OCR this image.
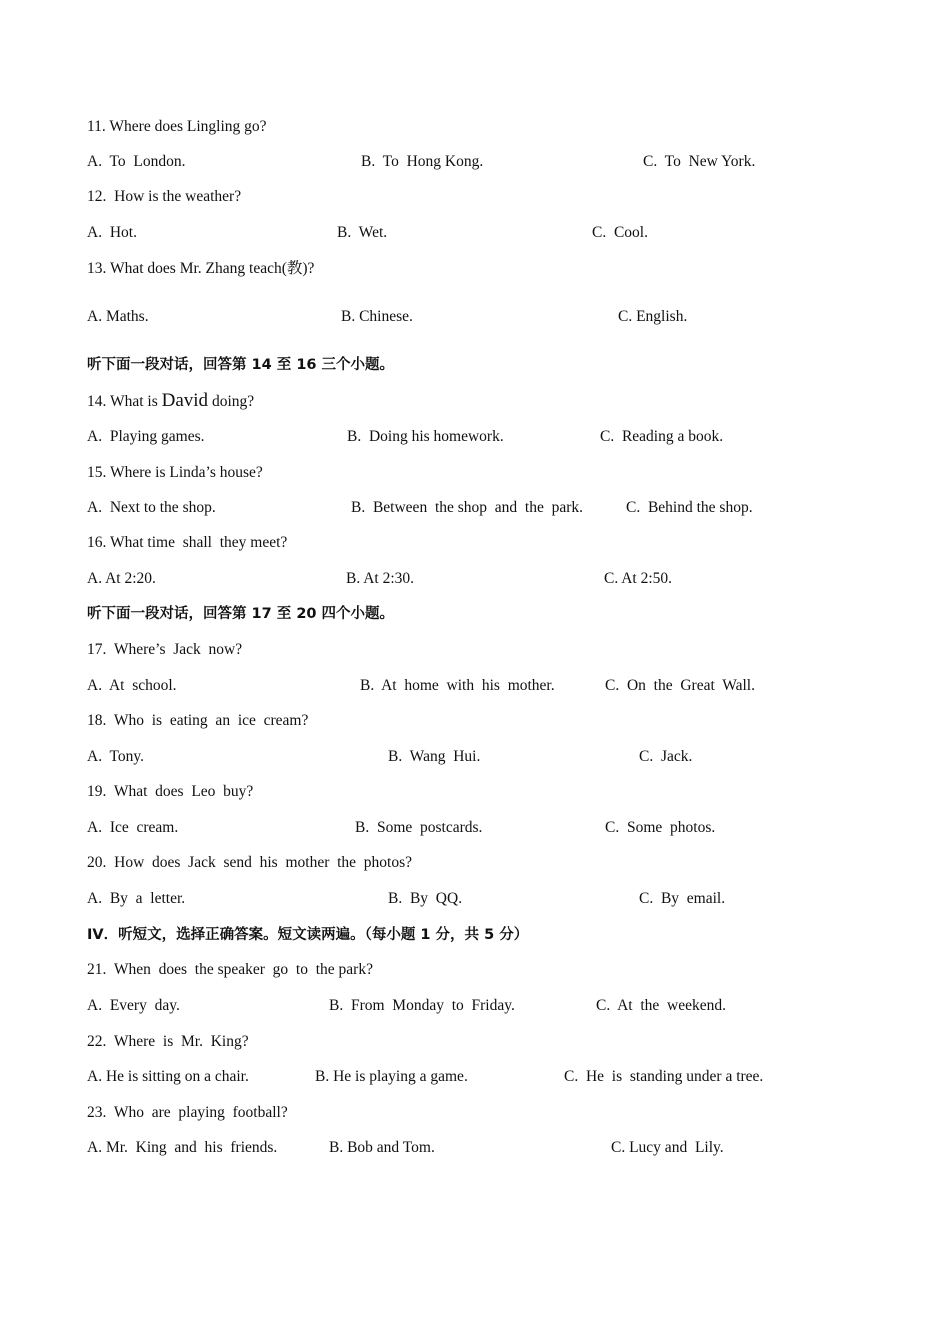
11. Where does Lingling go?
A.  To  London.	B.  To  Hong Kong.	C.  To  New York.
12.  How is the weather?
A.  Hot.	B.  Wet.	C.  Cool.
13. What does Mr. Zhang teach(教)?
A. Maths.	B. Chinese.	C. English.
听下面一段对话，回答第 14 至 16 三个小题。
14. What is David doing?
A.  Playing games.	B.  Doing his homework.	C.  Reading a book.
15. Where is Linda’s house?
A.  Next to the shop.	B.  Between  the shop  and  the  park.	C.  Behind the shop.
16. What time  shall  they meet?
A. At 2:20.	B. At 2:30.	C. At 2:50.
听下面一段对话，回答第 17 至 20 四个小题。
17.  Where’s  Jack  now?
A.  At  school.	B.  At  home  with  his  mother.	C.  On  the  Great  Wall.
18.  Who  is  eating  an  ice  cream?
A.  Tony.	B.  Wang  Hui.	C.  Jack.
19.  What  does  Leo  buy?
A.  Ice  cream.	B.  Some  postcards.	C.  Some  photos.
20.  How  does  Jack  send  his  mother  the  photos?
A.  By  a  letter.	B.  By  QQ.	C.  By  email.
IV．听短文，选择正确答案。短文读两遍。（每小题 1 分，共 5 分）
21.  When  does  the speaker  go  to  the park?
A.  Every  day.	B.  From  Monday  to  Friday.	C.  At  the  weekend.
22.  Where  is  Mr.  King?
A. He is sitting on a chair.	B. He is playing a game.	C.  He  is  standing under a tree.
23.  Who  are  playing  football?
A. Mr.  King  and  his  friends.	B. Bob and Tom.	C. Lucy and  Lily.
